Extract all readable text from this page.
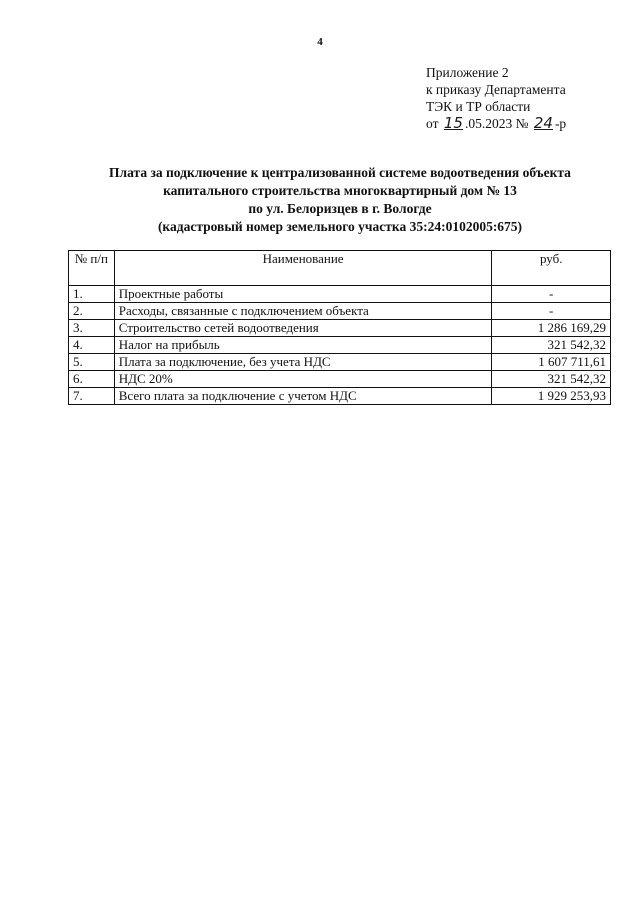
4
Приложение 2
к приказу Департамента
ТЭК и ТР области
от 15 .05.2023 № 24 -р
Плата за подключение к централизованной системе водоотведения объекта
капитального строительства многоквартирный дом № 13
по ул. Белоризцев в г. Вологде
(кадастровый номер земельного участка 35:24:0102005:675)
№ п/п	Наименование	руб.
1.	Проектные работы	-
2.	Расходы, связанные с подключением объекта	-
3.	Строительство сетей водоотведения	1 286 169,29
4.	Налог на прибыль	321 542,32
5.	Плата за подключение, без учета НДС	1 607 711,61
6.	НДС 20%	321 542,32
7.	Всего плата за подключение с учетом НДС	1 929 253,93
